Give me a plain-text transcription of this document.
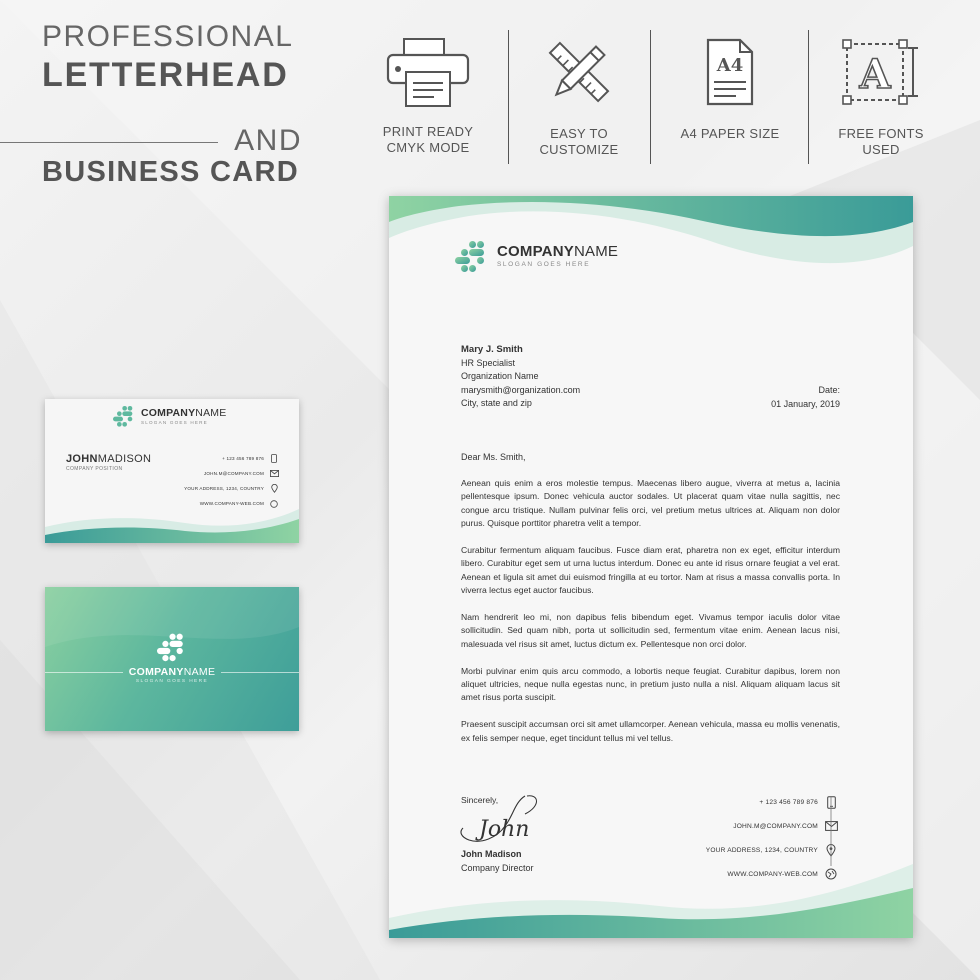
PROFESSIONAL
LETTERHEAD
AND
BUSINESS CARD
PRINT READY
CMYK MODE
EASY TO
CUSTOMIZE
A4
A4 PAPER SIZE
A
FREE FONTS
USED
COMPANYNAME
SLOGAN GOES HERE
Mary J. Smith
HR Specialist
Organization Name
marysmith@organization.com
City, state and zip
Date:
01 January, 2019
Dear Ms. Smith,

Aenean quis enim a eros molestie tempus. Maecenas libero augue, viverra at metus a, lacinia pellentesque ipsum. Donec vehicula auctor sodales. Ut placerat quam vitae nulla sagittis, nec congue arcu tristique. Nullam pulvinar felis orci, vel pretium metus ultrices at. Aliquam non dolor purus. Quisque porttitor pharetra velit a tempor.

Curabitur fermentum aliquam faucibus. Fusce diam erat, pharetra non ex eget, efficitur interdum libero. Curabitur eget sem ut urna luctus interdum. Donec eu ante id risus ornare feugiat a vel erat. Aenean et ligula sit amet dui euismod fringilla at eu tortor. Nam at risus a massa convallis porta. In viverra lectus eget auctor faucibus.

Nam hendrerit leo mi, non dapibus felis bibendum eget. Vivamus tempor iaculis dolor vitae sollicitudin. Sed quam nibh, porta ut sollicitudin sed, fermentum vitae enim. Aenean lacus nisi, malesuada vel risus sit amet, luctus dictum ex. Pellentesque non orci dolor.

Morbi pulvinar enim quis arcu commodo, a lobortis neque feugiat. Curabitur dapibus, lorem non aliquet ultricies, neque nulla egestas nunc, in pretium justo nulla a nisl. Aliquam aliquam lacus sit amet risus porta suscipit.

Praesent suscipit accumsan orci sit amet ullamcorper. Aenean vehicula, massa eu mollis venenatis, ex felis semper neque, eget tincidunt tellus mi vel tellus.

Sincerely,
John
John Madison
Company Director
+ 123 456 789 876
JOHN.M@COMPANY.COM
YOUR ADDRESS, 1234, COUNTRY
WWW.COMPANY-WEB.COM
COMPANYNAME
SLOGAN GOES HERE
JOHNMADISON
COMPANY POSITION
+ 123 456 789 876
JOHN.M@COMPANY.COM
YOUR ADDRESS, 1234, COUNTRY
WWW.COMPANY-WEB.COM
COMPANYNAME
SLOGAN GOES HERE
